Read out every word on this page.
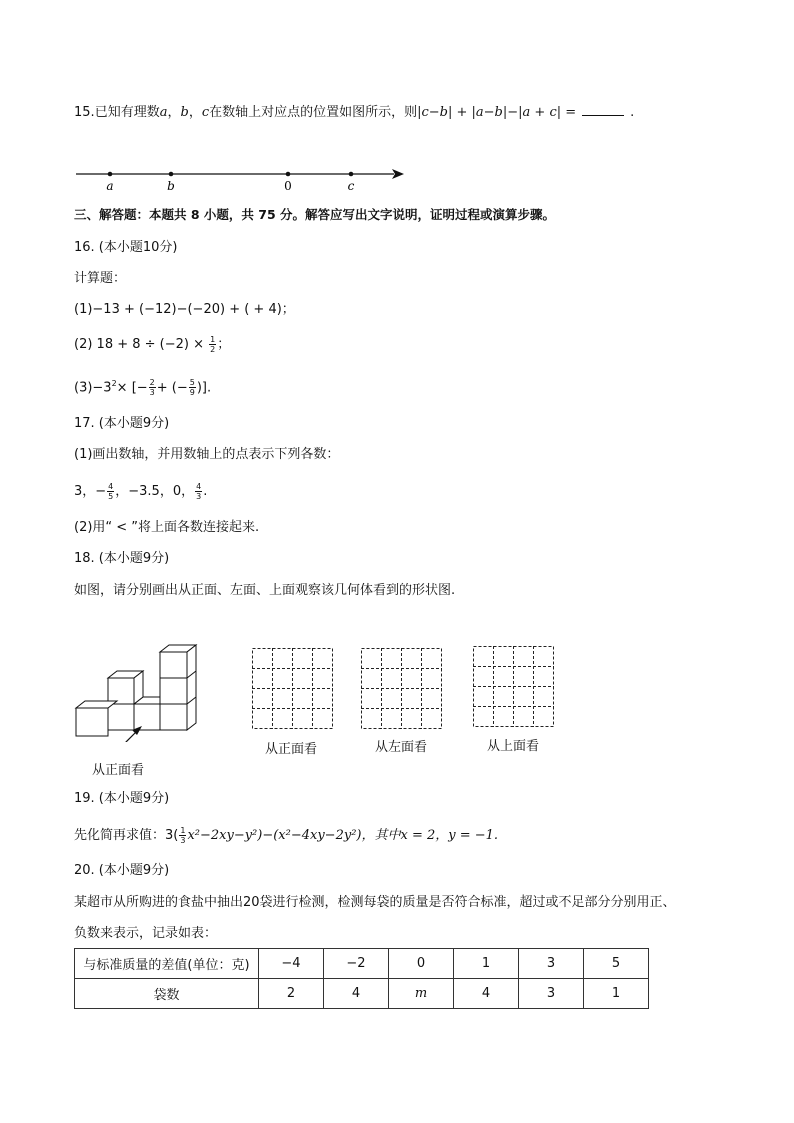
15.已知有理数a，b，c在数轴上对应点的位置如图所示，则|c−b| + |a−b|−|a + c| =	.
a	b	0	c
三、解答题：本题共 8 小题，共 75 分。解答应写出文字说明，证明过程或演算步骤。
16. (本小题10分)
计算题：
(1)−13 + (−12)−(−20) + ( + 4)；
(2) $18 + 8 \div (-2) \times \frac{1}{2}$ ；
$(3)-3^2\times$ [− $\frac{2}{3}$ + (− $\frac{5}{9}$ )].
17. (本小题9分)
(1)画出数轴，并用数轴上的点表示下列各数：
3，− $\frac{4}{5}$ ，−3.5，0， $\frac{4}{3}$ .
(2)用“ < ”将上面各数连接起来.
18. (本小题9分)
如图，请分别画出从正面、左面、上面观察该几何体看到的形状图.
从正面看
从正面看	从左面看	从上面看
19. (本小题9分)
先化简再求值：$3( \frac{1}{3} x^2-2xy-y^2)-(x^2-4xy-2y^2)$，其中x = 2，y = −1.
20. (本小题9分)
某超市从所购进的食盐中抽出20袋进行检测，检测每袋的质量是否符合标准，超过或不足部分分别用正、
负数来表示，记录如表：
与标准质量的差值(单位：克)	−4	−2	0	1	3	5
袋数	2	4	m	4	3	1
